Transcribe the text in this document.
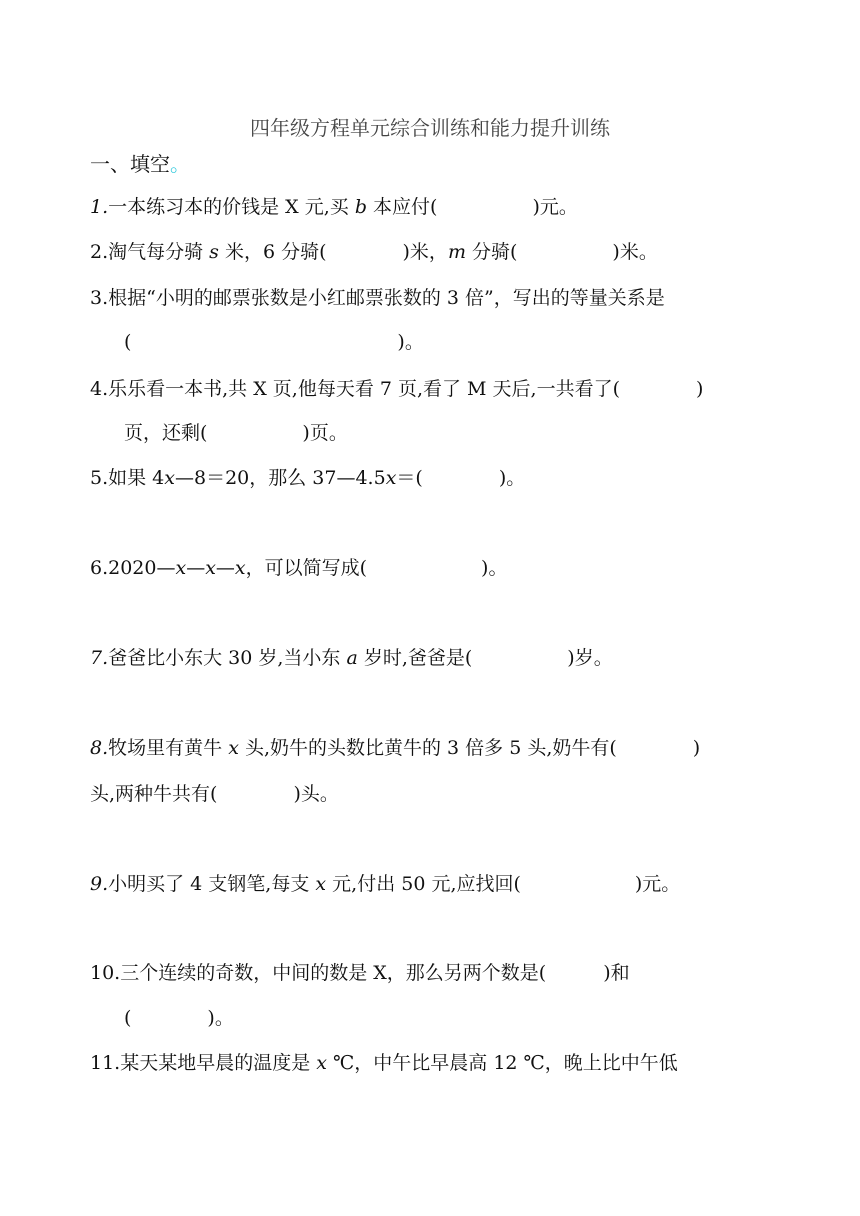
四年级方程单元综合训练和能力提升训练
一、填空。
1.一本练习本的价钱是 X 元,买 b 本应付(　　　　　)元。
2.淘气每分骑 s 米，6 分骑(　　　　)米，m 分骑(　　　　　)米。
3.根据“小明的邮票张数是小红邮票张数的 3 倍”，写出的等量关系是
(　　　　　　　　　　　　　　)。
4.乐乐看一本书,共 X 页,他每天看 7 页,看了 M 天后,一共看了(　　　　)
页，还剩(　　　　　)页。
5.如果 4x—8＝20，那么 37—4.5x＝(　　　　)。
6.2020—x—x—x，可以简写成(　　　　　　)。
7.爸爸比小东大 30 岁,当小东 a 岁时,爸爸是(　　　　　)岁。
8.牧场里有黄牛 x 头,奶牛的头数比黄牛的 3 倍多 5 头,奶牛有(　　　　)
头,两种牛共有(　　　　)头。
9.小明买了 4 支钢笔,每支 x 元,付出 50 元,应找回(　　　　　　)元。
10.三个连续的奇数，中间的数是 X，那么另两个数是(　　　)和
(　　　　)。
11.某天某地早晨的温度是 x ℃，中午比早晨高 12 ℃，晚上比中午低
